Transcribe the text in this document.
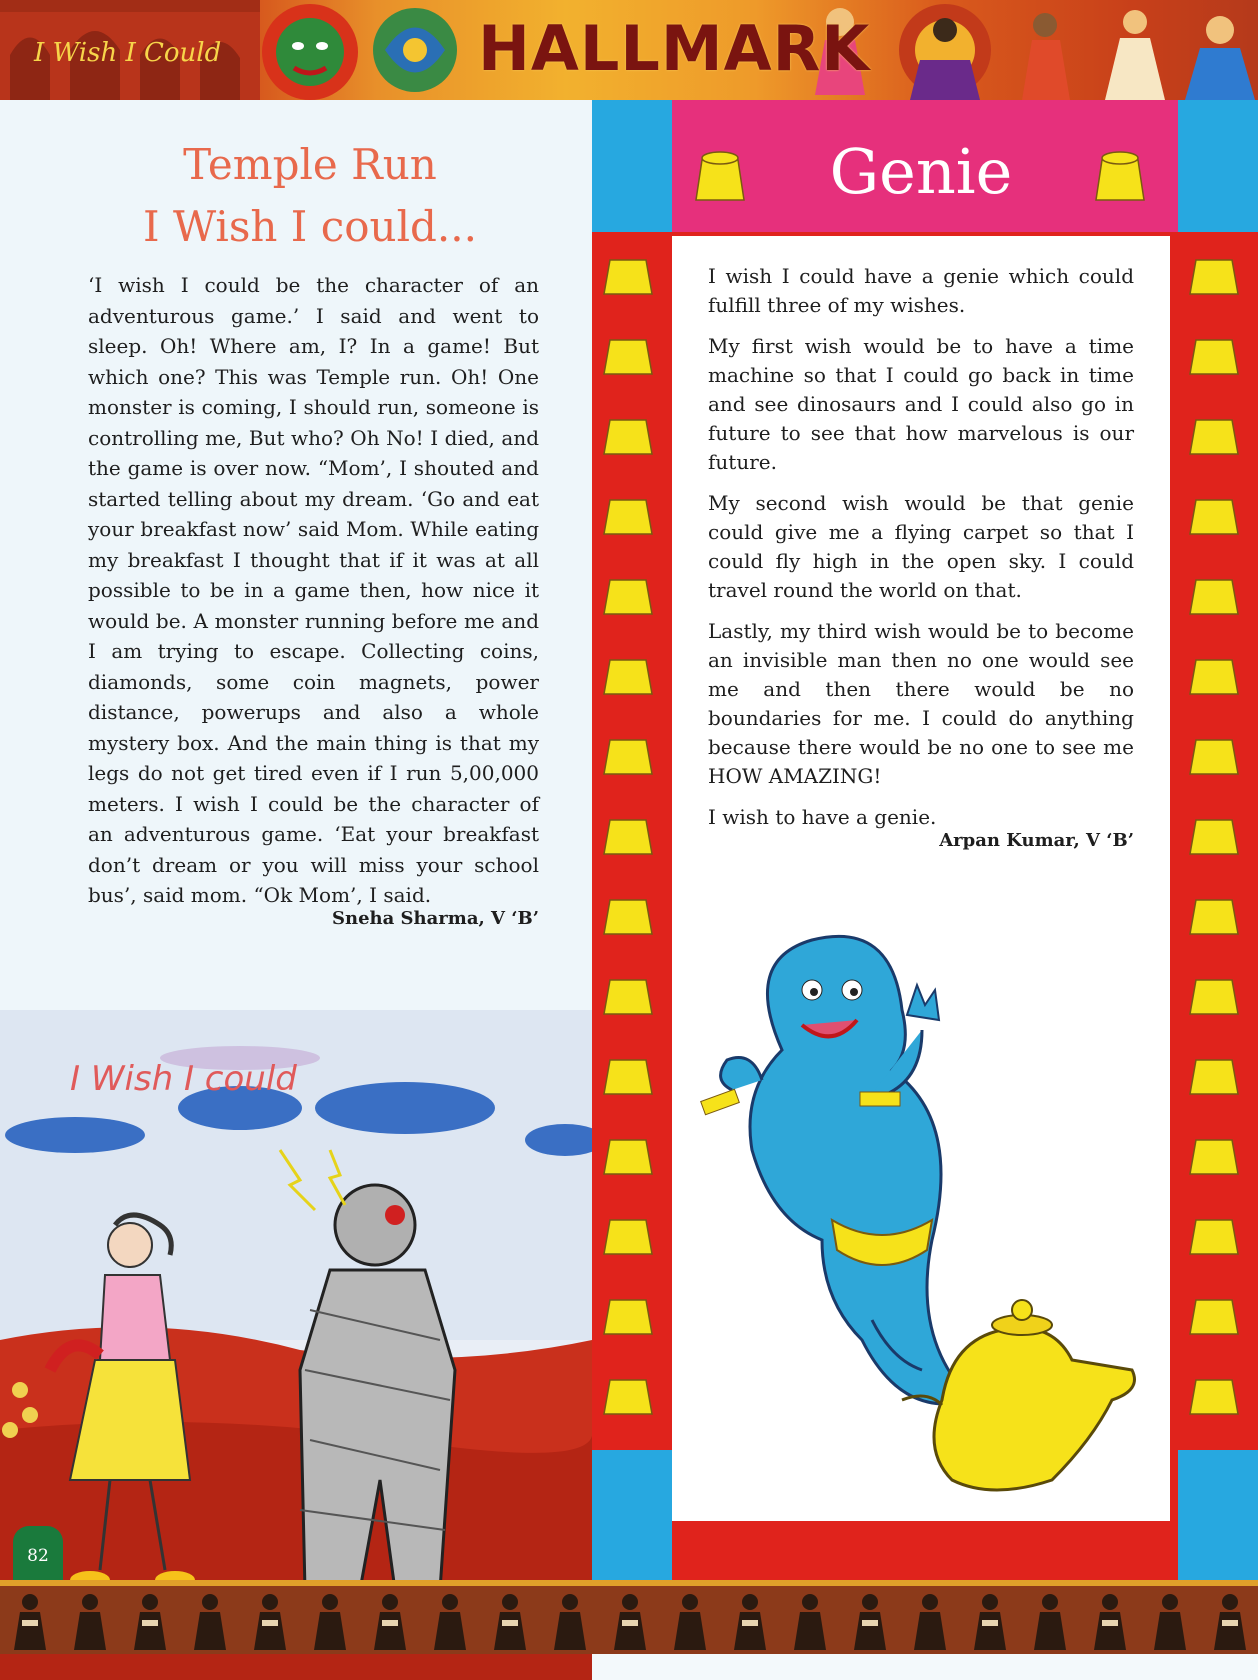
I Wish I Could	HALLMARK
Temple Run
I Wish I could...
‘I wish I could be the character of an adventurous game.’ I said and went to sleep. Oh! Where am, I? In a game! But which one? This was Temple run. Oh! One monster is coming, I should run, someone is controlling me, But who? Oh No! I died, and the game is over now. “Mom’, I shouted and started telling about my dream. ‘Go and eat your breakfast now’ said Mom. While eating my breakfast I thought that if it was at all possible to be in a game then, how nice it would be. A monster running before me and I am trying to escape. Collecting coins, diamonds, some coin magnets, power distance, powerups and also a whole mystery box. And the main thing is that my legs do not get tired even if I run 5,00,000 meters. I wish I could be the character of an adventurous game. ‘Eat your breakfast don’t dream or you will miss your school bus’, said mom. “Ok Mom’, I said.
Sneha Sharma, V ‘B’
I Wish I could
Genie

I wish I could have a genie which could fulfill three of my wishes.

My first wish would be to have a time machine so that I could go back in time and see dinosaurs and I could also go in future to see that how marvelous is our future.

My second wish would be that genie could give me a flying carpet so that I could fly high in the open sky. I could travel round the world on that.

Lastly, my third wish would be to become an invisible man then no one would see me and then there would be no boundaries for me. I could do anything because there would be no one to see me HOW AMAZING!

I wish to have a genie.

Arpan Kumar, V ‘B’
82
